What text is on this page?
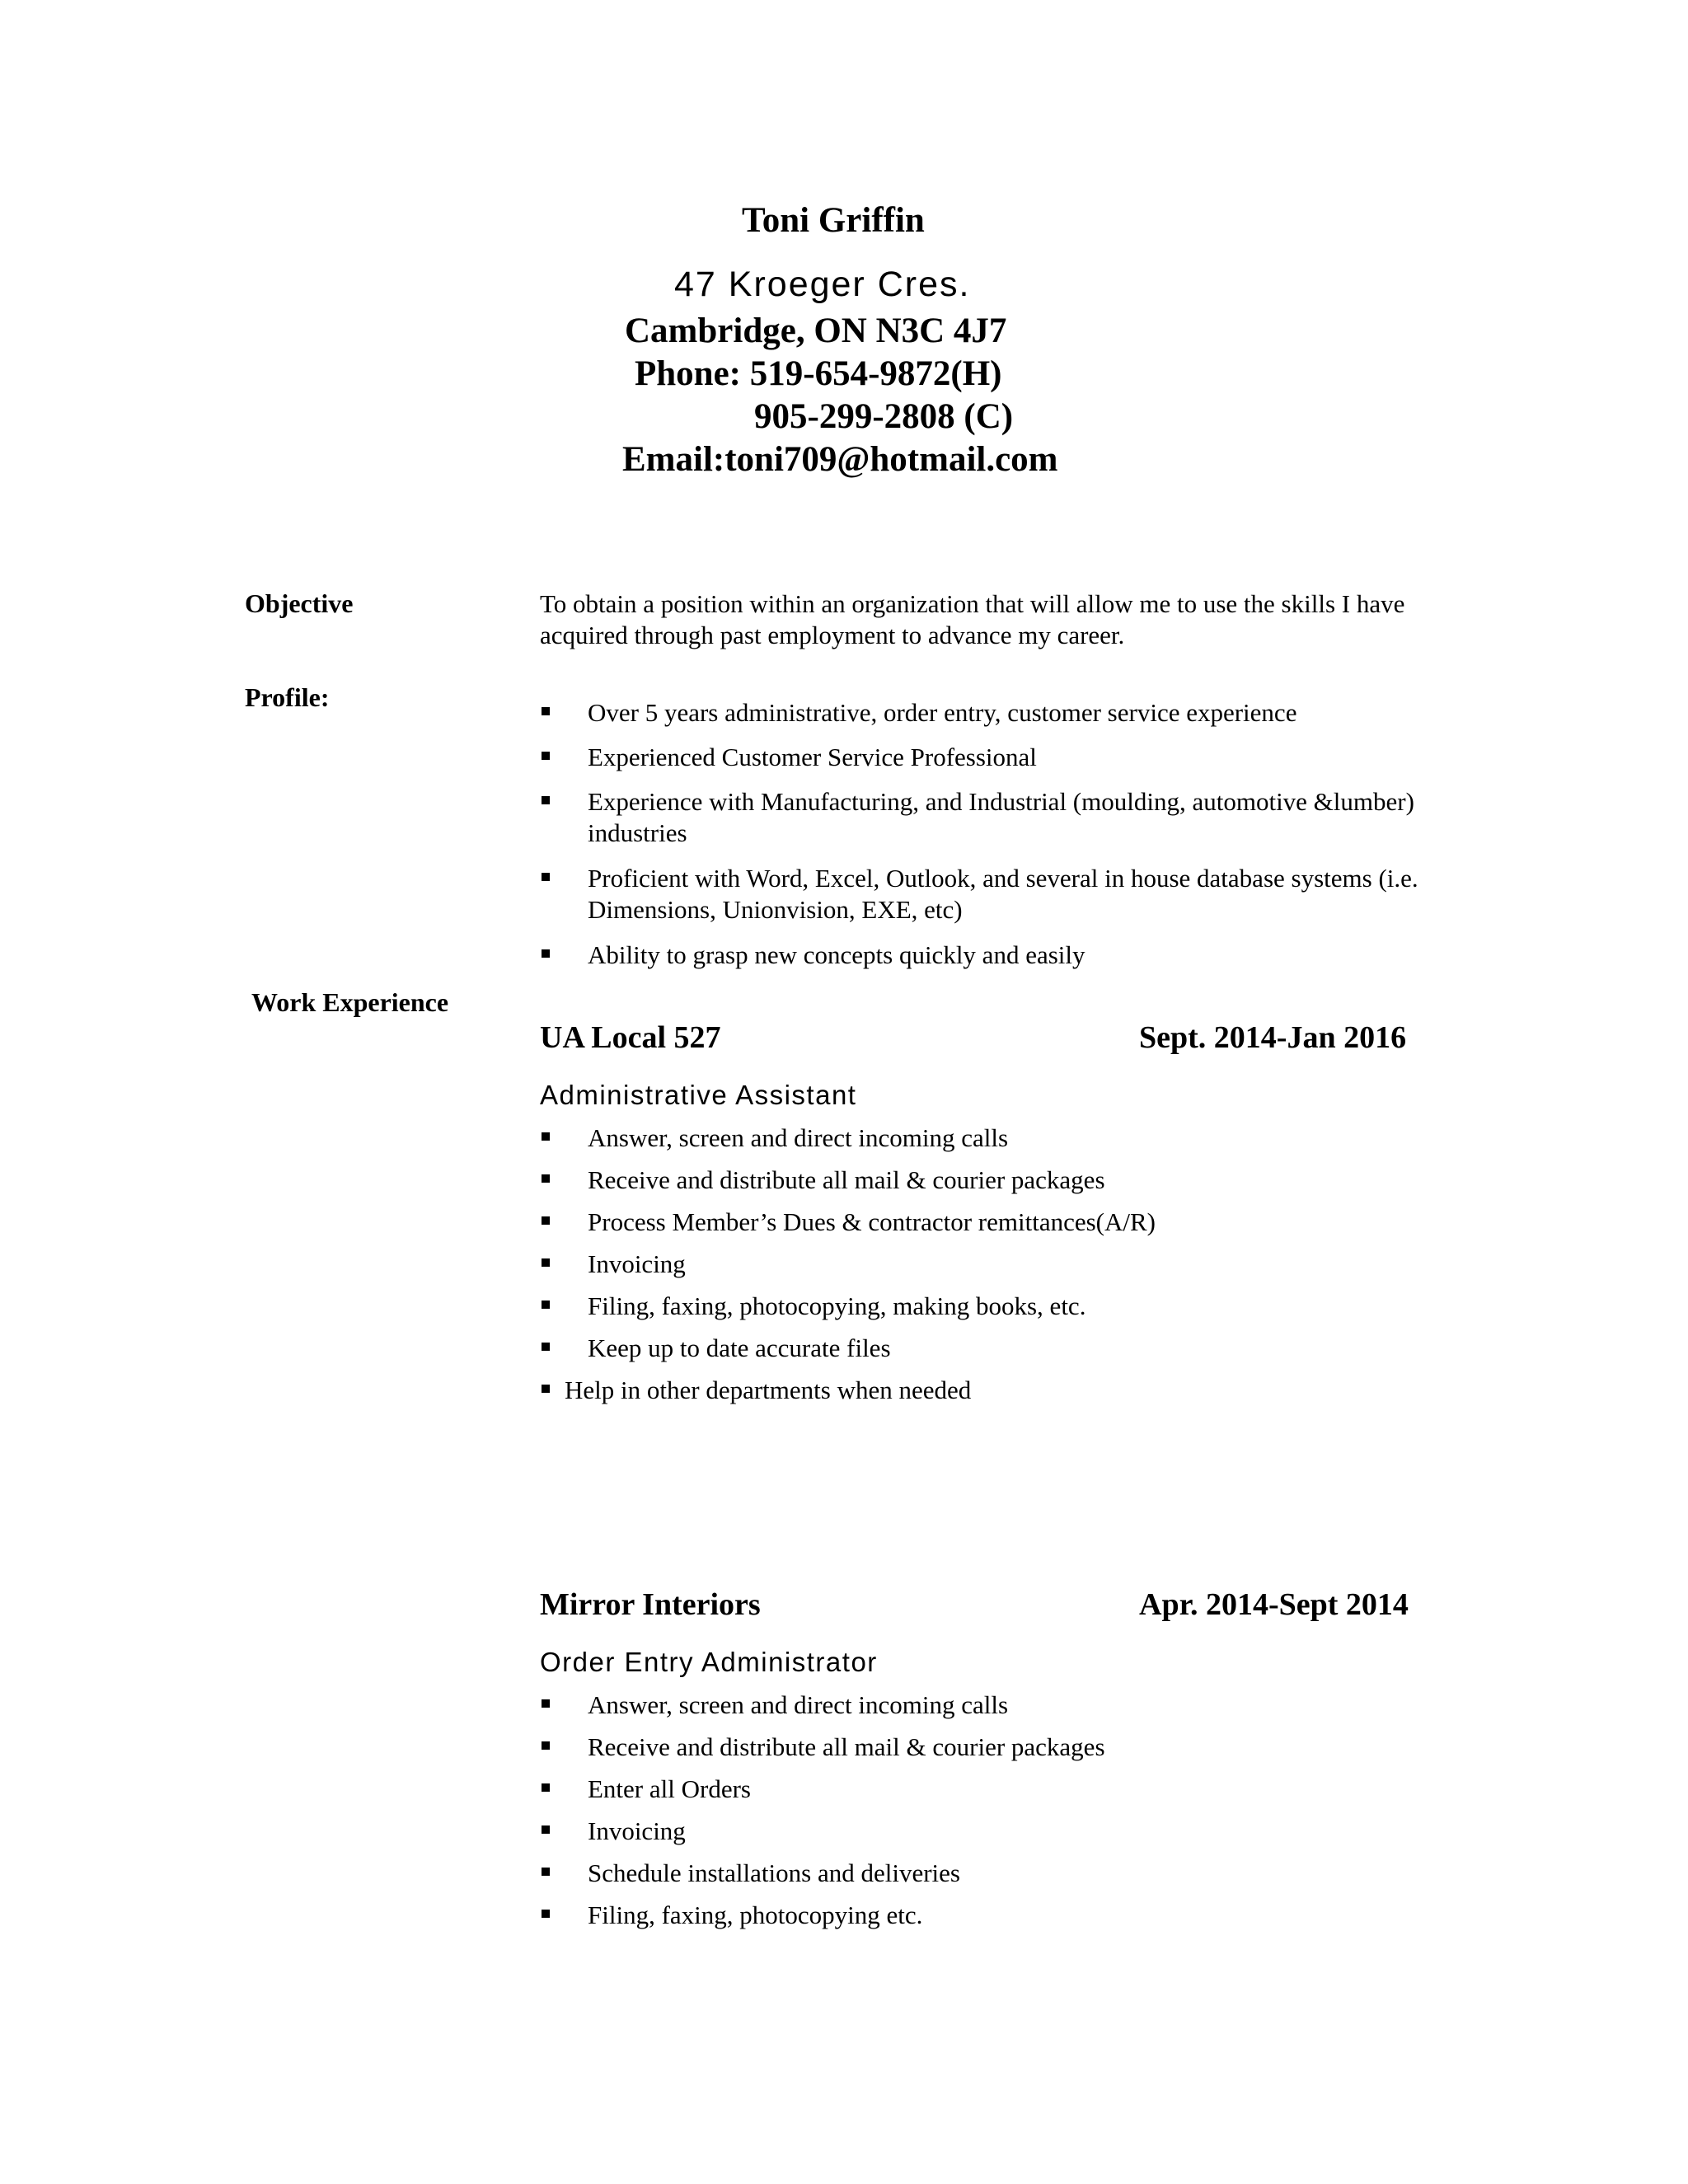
Toni Griffin
47 Kroeger Cres.
Cambridge, ON N3C 4J7
Phone: 519-654-9872(H)
905-299-2808 (C)
Email:toni709@hotmail.com
Objective	To obtain a position within an organization that will allow me to use the skills I have
acquired through past employment to advance my career.
Profile:
Over 5 years administrative, order entry, customer service experience
Experienced Customer Service Professional
Experience with Manufacturing, and Industrial (moulding, automotive &lumber)
industries
Proficient with Word, Excel, Outlook, and several in house database systems (i.e.
Dimensions, Unionvision, EXE, etc)
Ability to grasp new concepts quickly and easily
Work Experience
UA Local 527	Sept. 2014-Jan 2016
Administrative Assistant
Answer, screen and direct incoming calls
Receive and distribute all mail & courier packages
Process Member’s Dues & contractor remittances(A/R)
Invoicing
Filing, faxing, photocopying, making books, etc.
Keep up to date accurate files
Help in other departments when needed
Mirror Interiors	Apr. 2014-Sept 2014
Order Entry Administrator
Answer, screen and direct incoming calls
Receive and distribute all mail & courier packages
Enter all Orders
Invoicing
Schedule installations and deliveries
Filing, faxing, photocopying etc.
